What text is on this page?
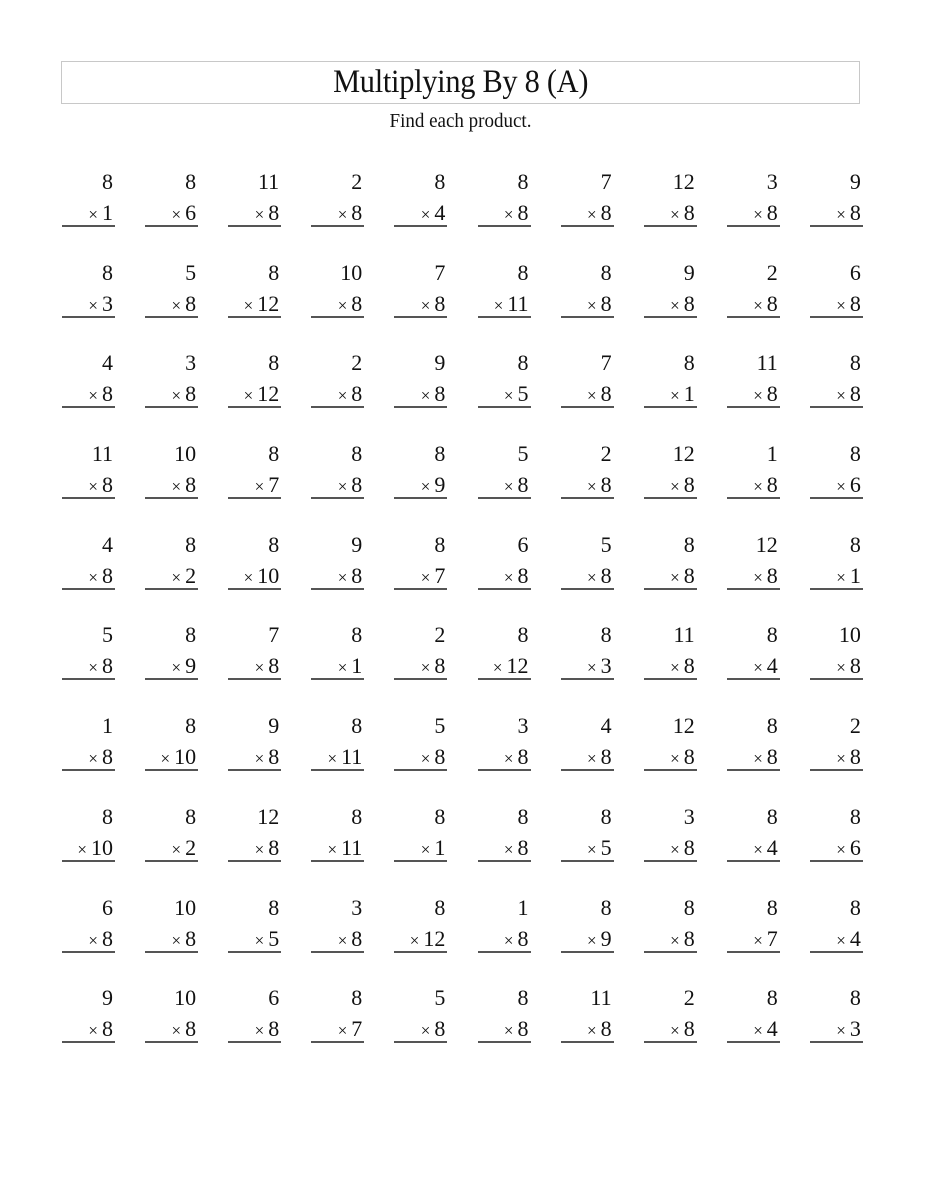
Multiplying By 8 (A)
Find each product.
8
× 1
8
× 6
11
× 8
2
× 8
8
× 4
8
× 8
7
× 8
12
× 8
3
× 8
9
× 8
8
× 3
5
× 8
8
× 12
10
× 8
7
× 8
8
× 11
8
× 8
9
× 8
2
× 8
6
× 8
4
× 8
3
× 8
8
× 12
2
× 8
9
× 8
8
× 5
7
× 8
8
× 1
11
× 8
8
× 8
11
× 8
10
× 8
8
× 7
8
× 8
8
× 9
5
× 8
2
× 8
12
× 8
1
× 8
8
× 6
4
× 8
8
× 2
8
× 10
9
× 8
8
× 7
6
× 8
5
× 8
8
× 8
12
× 8
8
× 1
5
× 8
8
× 9
7
× 8
8
× 1
2
× 8
8
× 12
8
× 3
11
× 8
8
× 4
10
× 8
1
× 8
8
× 10
9
× 8
8
× 11
5
× 8
3
× 8
4
× 8
12
× 8
8
× 8
2
× 8
8
× 10
8
× 2
12
× 8
8
× 11
8
× 1
8
× 8
8
× 5
3
× 8
8
× 4
8
× 6
6
× 8
10
× 8
8
× 5
3
× 8
8
× 12
1
× 8
8
× 9
8
× 8
8
× 7
8
× 4
9
× 8
10
× 8
6
× 8
8
× 7
5
× 8
8
× 8
11
× 8
2
× 8
8
× 4
8
× 3
